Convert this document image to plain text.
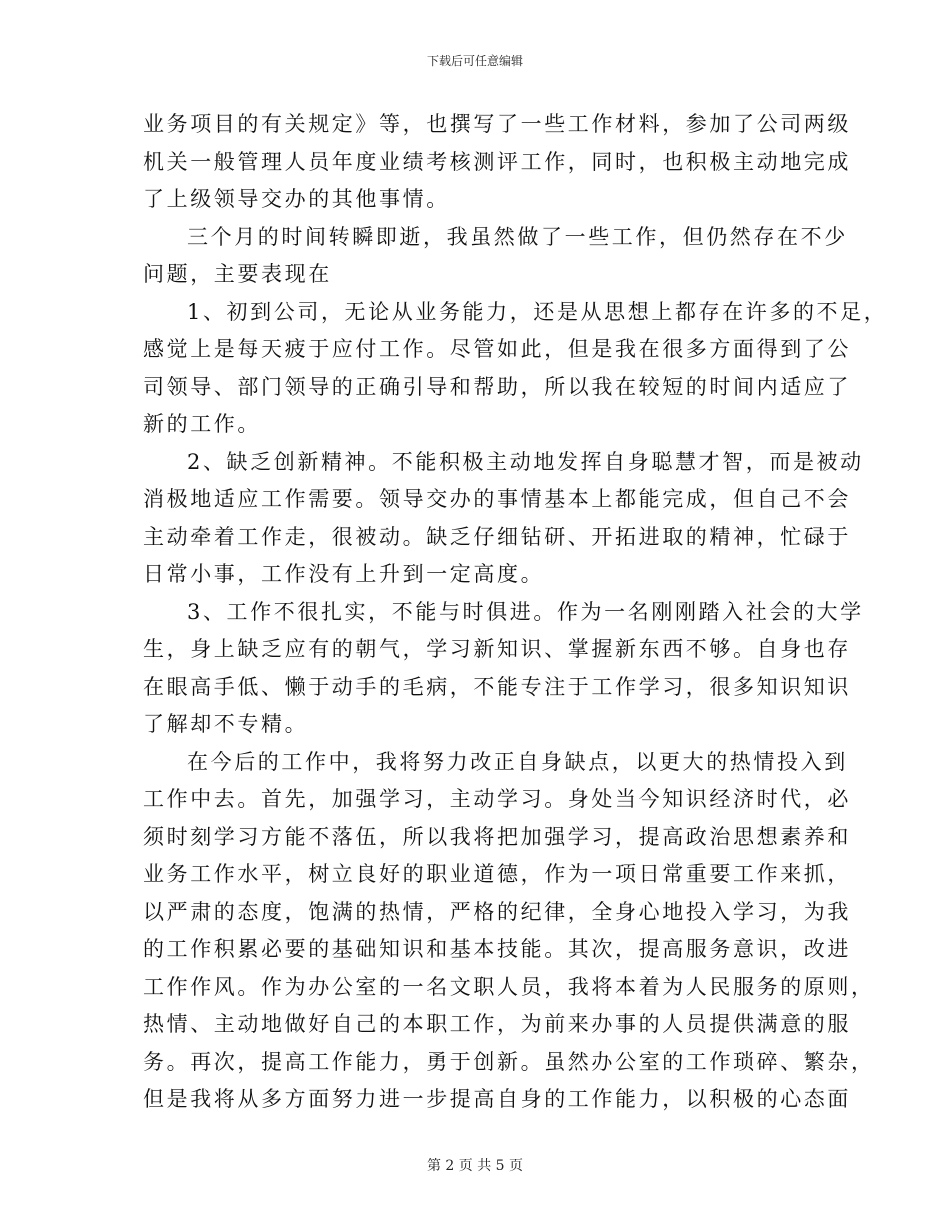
下载后可任意编辑
业务项目的有关规定》等，也撰写了一些工作材料，参加了公司两级
机关一般管理人员年度业绩考核测评工作，同时，也积极主动地完成
了上级领导交办的其他事情。
三个月的时间转瞬即逝，我虽然做了一些工作，但仍然存在不少
问题，主要表现在
1、初到公司，无论从业务能力，还是从思想上都存在许多的不足，
感觉上是每天疲于应付工作。尽管如此，但是我在很多方面得到了公
司领导、部门领导的正确引导和帮助，所以我在较短的时间内适应了
新的工作。
2、缺乏创新精神。不能积极主动地发挥自身聪慧才智，而是被动
消极地适应工作需要。领导交办的事情基本上都能完成，但自己不会
主动牵着工作走，很被动。缺乏仔细钻研、开拓进取的精神，忙碌于
日常小事，工作没有上升到一定高度。
3、工作不很扎实，不能与时俱进。作为一名刚刚踏入社会的大学
生，身上缺乏应有的朝气，学习新知识、掌握新东西不够。自身也存
在眼高手低、懒于动手的毛病，不能专注于工作学习，很多知识知识
了解却不专精。
在今后的工作中，我将努力改正自身缺点，以更大的热情投入到
工作中去。首先，加强学习，主动学习。身处当今知识经济时代，必
须时刻学习方能不落伍，所以我将把加强学习，提高政治思想素养和
业务工作水平，树立良好的职业道德，作为一项日常重要工作来抓，
以严肃的态度，饱满的热情，严格的纪律，全身心地投入学习，为我
的工作积累必要的基础知识和基本技能。其次，提高服务意识，改进
工作作风。作为办公室的一名文职人员，我将本着为人民服务的原则，
热情、主动地做好自己的本职工作，为前来办事的人员提供满意的服
务。再次，提高工作能力，勇于创新。虽然办公室的工作琐碎、繁杂，
但是我将从多方面努力进一步提高自身的工作能力，以积极的心态面
第 2 页 共 5 页
